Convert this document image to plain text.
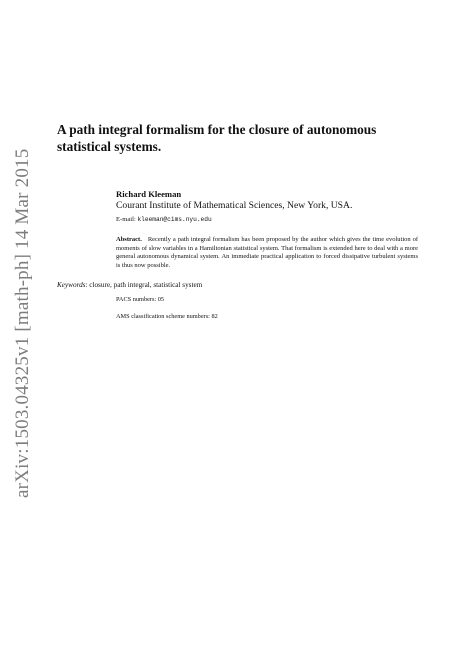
arXiv:1503.04325v1 [math-ph] 14 Mar 2015
A path integral formalism for the closure of autonomous statistical systems.
Richard Kleeman
Courant Institute of Mathematical Sciences, New York, USA.
E-mail: kleeman@cims.nyu.edu

Abstract. Recently a path integral formalism has been proposed by the author which gives the time evolution of moments of slow variables in a Hamiltonian statistical system. That formalism is extended here to deal with a more general autonomous dynamical system. An immediate practical application to forced dissipative turbulent systems is thus now possible.

Keywords: closure, path integral, statistical system
PACS numbers: 05
AMS classification scheme numbers: 82
